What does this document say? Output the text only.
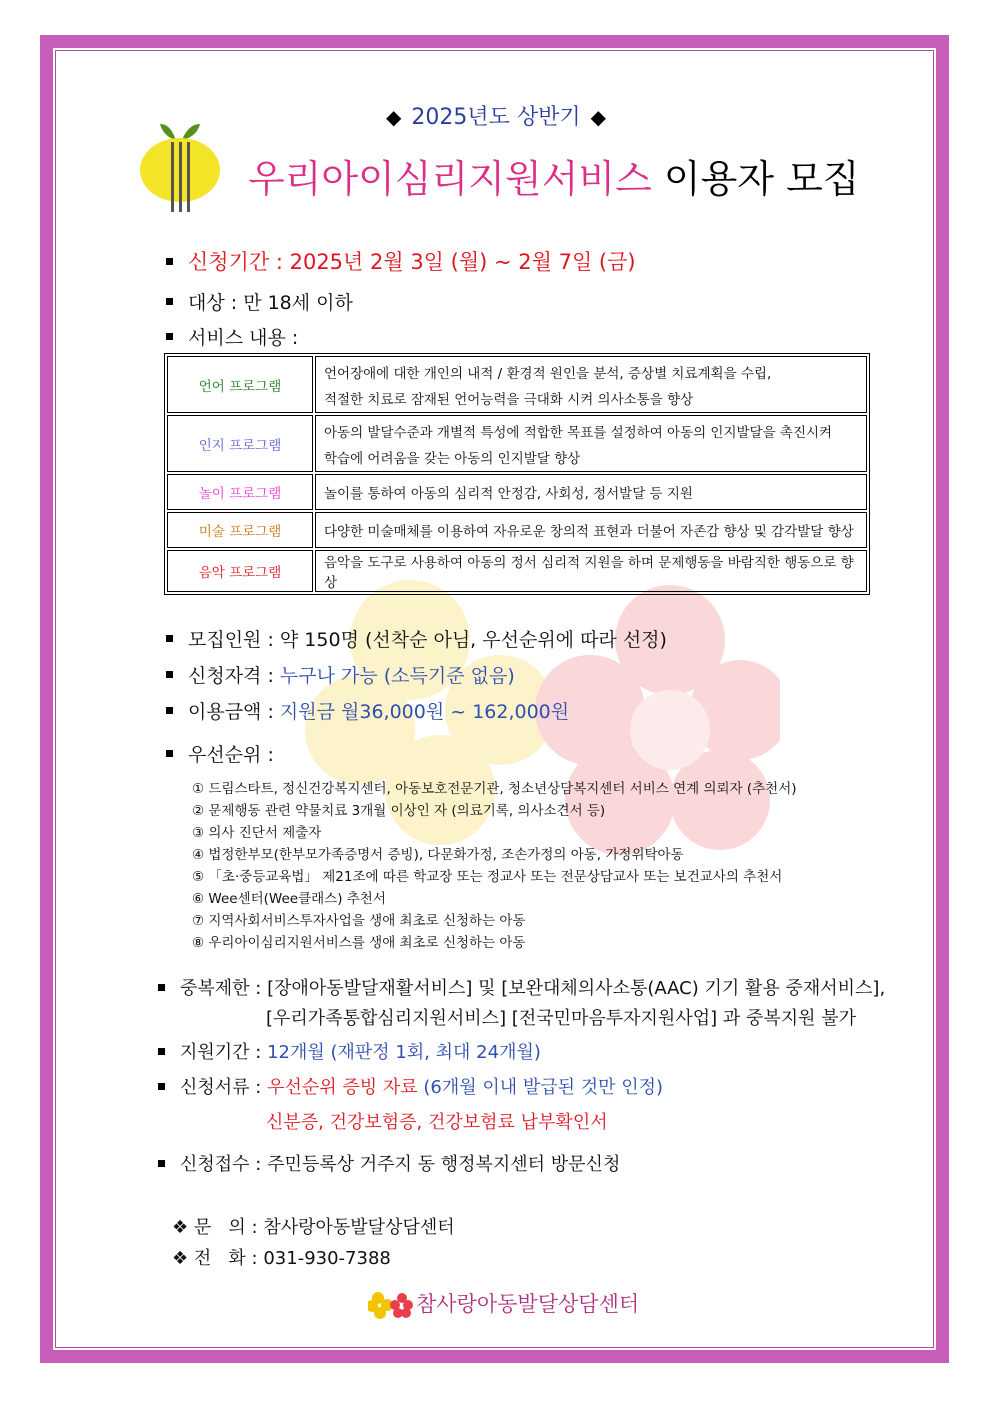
◆ 2025년도 상반기 ◆
우리아이심리지원서비스 이용자 모집
신청기간 : 2025년 2월 3일 (월) ~ 2월 7일 (금)
대상 : 만 18세 이하
서비스 내용 :
언어 프로그램	언어장애에 대한 개인의 내적 / 환경적 원인을 분석, 증상별 치료계획을 수립,
적절한 치료로 잠재된 언어능력을 극대화 시켜 의사소통을 향상

인지 프로그램	아동의 발달수준과 개별적 특성에 적합한 목표를 설정하여 아동의 인지발달을 촉진시켜
학습에 어려움을 갖는 아동의 인지발달 향상

놀이 프로그램	놀이를 통하여 아동의 심리적 안정감, 사회성, 정서발달 등 지원
미술 프로그램	다양한 미술매체를 이용하여 자유로운 창의적 표현과 더불어 자존감 향상 및 감각발달 향상
음악 프로그램	음악을 도구로 사용하여 아동의 정서 심리적 지원을 하며 문제행동을 바람직한 행동으로 향상
모집인원 : 약 150명 (선착순 아님, 우선순위에 따라 선정)
신청자격 : 누구나 가능 (소득기준 없음)
이용금액 : 지원금 월36,000원 ~ 162,000원
우선순위 :
① 드림스타트, 정신건강복지센터, 아동보호전문기관, 청소년상담복지센터 서비스 연계 의뢰자 (추천서)
② 문제행동 관련 약물치료 3개월 이상인 자 (의료기록, 의사소견서 등)
③ 의사 진단서 제출자
④ 법정한부모(한부모가족증명서 증빙), 다문화가정, 조손가정의 아동, 가정위탁아동
⑤ 「초·중등교육법」 제21조에 따른 학교장 또는 정교사 또는 전문상담교사 또는 보건교사의 추천서
⑥ Wee센터(Wee클래스) 추천서
⑦ 지역사회서비스투자사업을 생애 최초로 신청하는 아동
⑧ 우리아이심리지원서비스를 생애 최초로 신청하는 아동
중복제한 : [장애아동발달재활서비스] 및 [보완대체의사소통(AAC) 기기 활용 중재서비스],
[우리가족통합심리지원서비스] [전국민마음투자지원사업] 과 중복지원 불가
지원기간 : 12개월 (재판정 1회, 최대 24개월)
신청서류 : 우선순위 증빙 자료 (6개월 이내 발급된 것만 인정)
신분증, 건강보험증, 건강보험료 납부확인서
신청접수 : 주민등록상 거주지 동 행정복지센터 방문신청
❖ 문   의 : 참사랑아동발달상담센터
❖ 전   화 : 031-930-7388
참사랑아동발달상담센터
